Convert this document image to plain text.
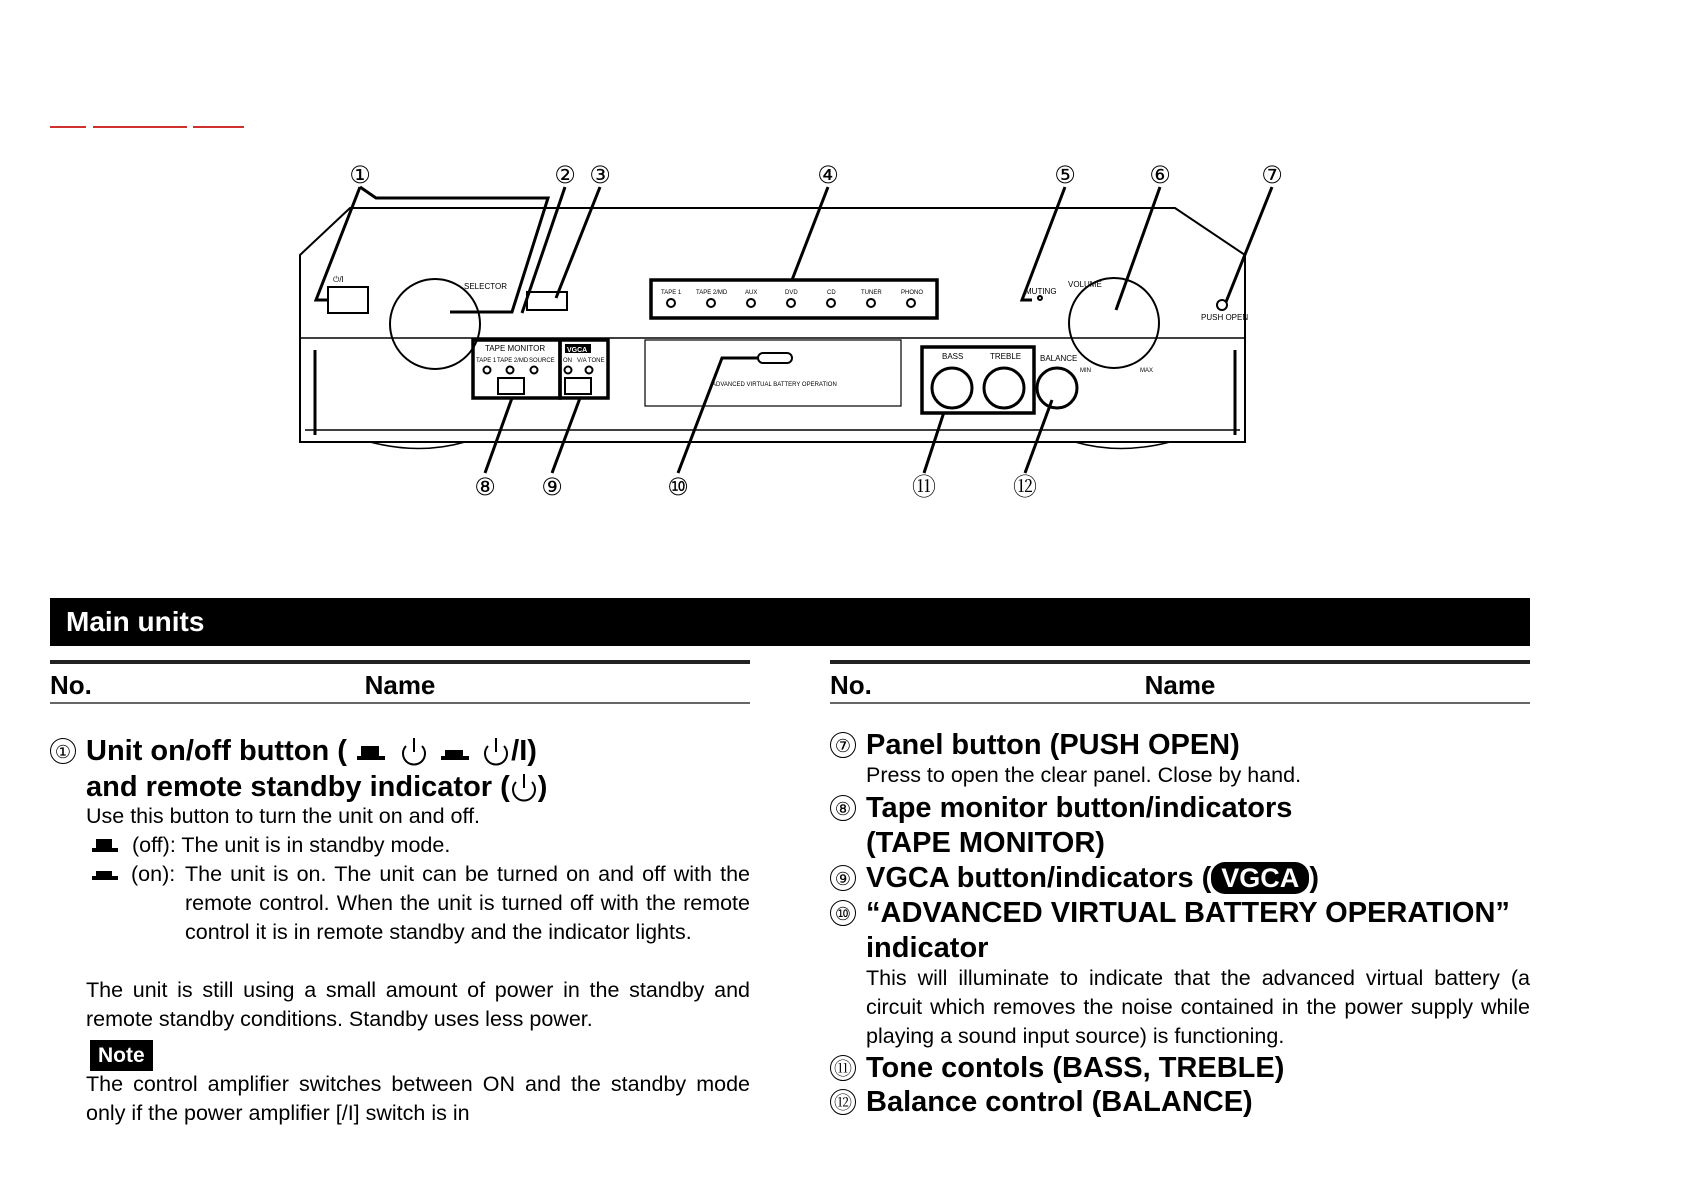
⏻/I
SELECTOR	VOLUME
MUTING
PUSH OPEN
TAPE MONITOR
TAPE 1 TAPE 2/MD SOURCE
VGCA
ON V/A TONE
TAPE 1 TAPE 2/MD	AUX	DVD	CD	TUNER	PHONO
ADVANCED VIRTUAL BATTERY OPERATION
BASS	TREBLE BALANCE
MIN	MAX
①	② ③	④	⑤	⑥	⑦
⑧ ⑨	⑩	⑪	⑫
Main units
No.	Name
① Unit on/off button (	/I)
and remote standby indicator ( )
Use this button to turn the unit on and off.
(off): The unit is in standby mode.
(on): The unit is on. The unit can be turned on and off with the remote control. When the unit is turned off with the remote control it is in remote standby and the indicator lights.
The unit is still using a small amount of power in the standby and remote standby conditions. Standby uses less power.
Note
The control amplifier switches between ON and the standby mode only if the power amplifier [/I] switch is in
No.	Name
⑦ Panel button (PUSH OPEN)
Press to open the clear panel. Close by hand.
⑧ Tape monitor button/indicators
(TAPE MONITOR)
⑨ VGCA button/indicators ( VGCA )
⑩ “ADVANCED VIRTUAL BATTERY OPERATION”
indicator
This will illuminate to indicate that the advanced virtual battery (a circuit which removes the noise contained in the power supply while playing a sound input source) is functioning.
⑪ Tone contols (BASS, TREBLE)
⑫ Balance control (BALANCE)
